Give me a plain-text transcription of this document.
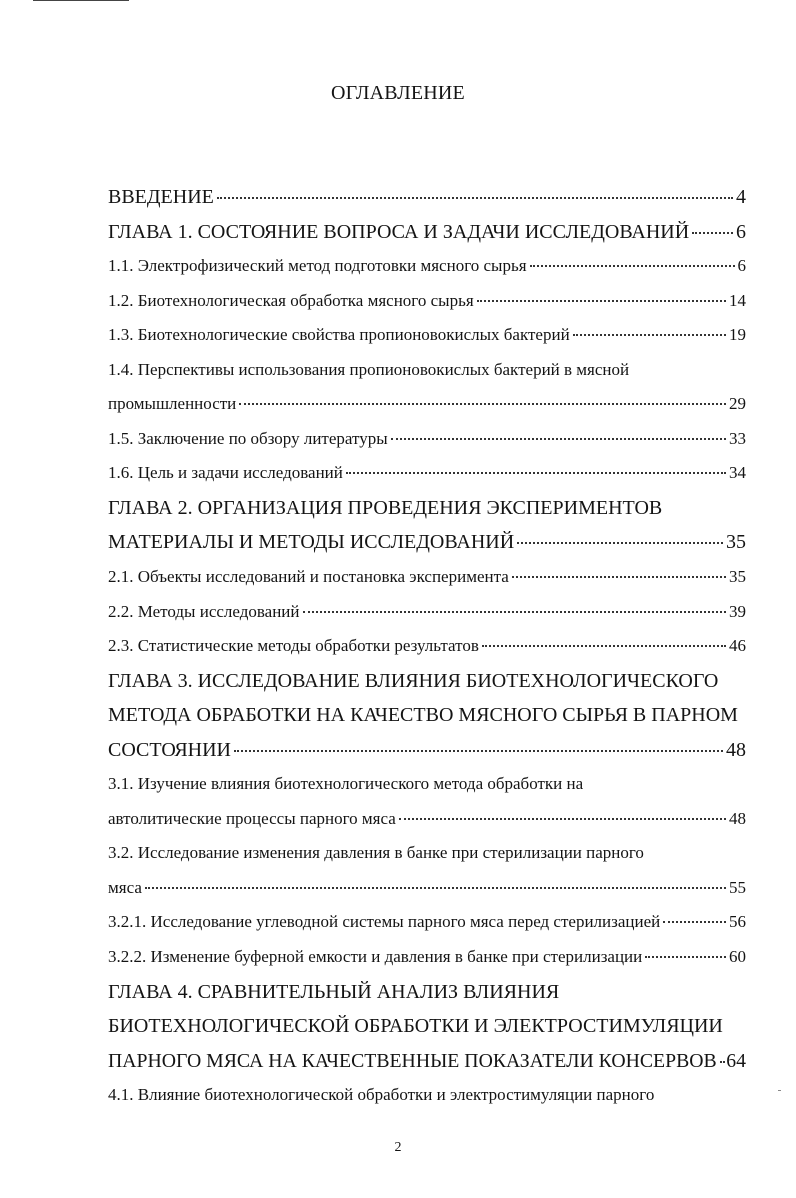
ОГЛАВЛЕНИЕ
ВВЕДЕНИЕ	4
ГЛАВА 1. СОСТОЯНИЕ ВОПРОСА И ЗАДАЧИ ИССЛЕДОВАНИЙ 6
1.1. Электрофизический метод подготовки мясного сырья	6
1.2. Биотехнологическая обработка мясного сырья	14
1.3. Биотехнологические свойства пропионовокислых бактерий	19
1.4. Перспективы использования пропионовокислых бактерий в мясной
промышленности	29
1.5. Заключение по обзору литературы	33
1.6. Цель и задачи исследований	34
ГЛАВА 2. ОРГАНИЗАЦИЯ ПРОВЕДЕНИЯ ЭКСПЕРИМЕНТОВ
МАТЕРИАЛЫ И МЕТОДЫ ИССЛЕДОВАНИЙ	35
2.1. Объекты исследований и постановка эксперимента	35
2.2. Методы исследований	39
2.3. Статистические методы обработки результатов	46
ГЛАВА 3. ИССЛЕДОВАНИЕ ВЛИЯНИЯ БИОТЕХНОЛОГИЧЕСКОГО
МЕТОДА ОБРАБОТКИ НА КАЧЕСТВО МЯСНОГО СЫРЬЯ В ПАРНОМ
СОСТОЯНИИ	48
3.1. Изучение влияния биотехнологического метода обработки на
автолитические процессы парного мяса	48
3.2. Исследование изменения давления в банке при стерилизации парного
мяса	55
3.2.1. Исследование углеводной системы парного мяса перед стерилизацией	56
3.2.2. Изменение буферной емкости и давления в банке при стерилизации	60
ГЛАВА 4. СРАВНИТЕЛЬНЫЙ АНАЛИЗ ВЛИЯНИЯ
БИОТЕХНОЛОГИЧЕСКОЙ ОБРАБОТКИ И ЭЛЕКТРОСТИМУЛЯЦИИ
ПАРНОГО МЯСА НА КАЧЕСТВЕННЫЕ ПОКАЗАТЕЛИ КОНСЕРВОВ 64
4.1. Влияние биотехнологической обработки и электростимуляции парного
2
